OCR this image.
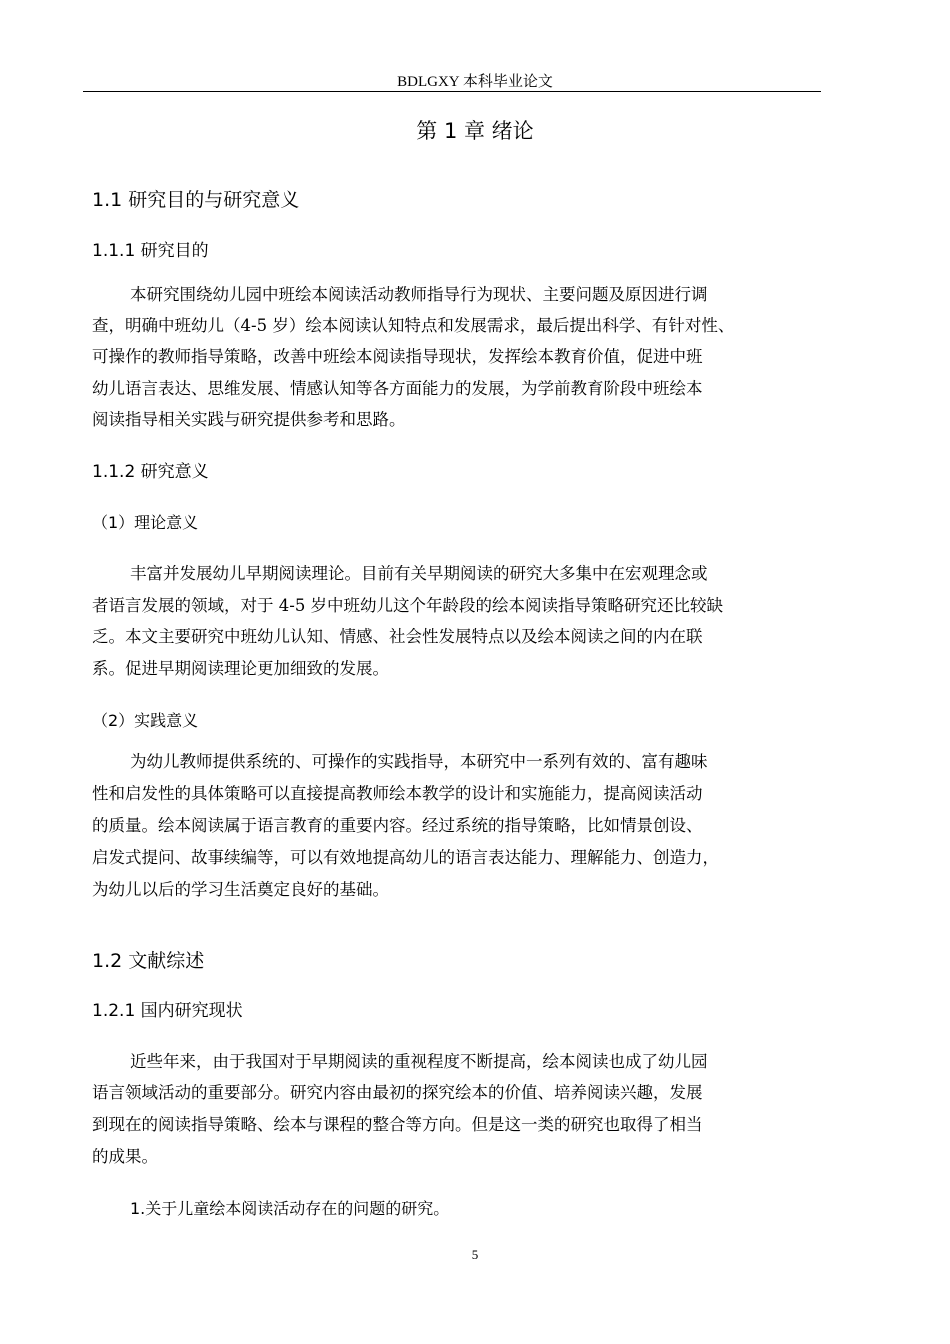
BDLGXY 本科毕业论文
第 1 章 绪论
1.1 研究目的与研究意义
1.1.1 研究目的
本研究围绕幼儿园中班绘本阅读活动教师指导行为现状、主要问题及原因进行调
查，明确中班幼儿（4-5 岁）绘本阅读认知特点和发展需求，最后提出科学、有针对性、
可操作的教师指导策略，改善中班绘本阅读指导现状，发挥绘本教育价值，促进中班
幼儿语言表达、思维发展、情感认知等各方面能力的发展，为学前教育阶段中班绘本
阅读指导相关实践与研究提供参考和思路。
1.1.2 研究意义
（1）理论意义
丰富并发展幼儿早期阅读理论。目前有关早期阅读的研究大多集中在宏观理念或
者语言发展的领域，对于 4-5 岁中班幼儿这个年龄段的绘本阅读指导策略研究还比较缺
乏。本文主要研究中班幼儿认知、情感、社会性发展特点以及绘本阅读之间的内在联
系。促进早期阅读理论更加细致的发展。
（2）实践意义
为幼儿教师提供系统的、可操作的实践指导，本研究中一系列有效的、富有趣味
性和启发性的具体策略可以直接提高教师绘本教学的设计和实施能力，提高阅读活动
的质量。绘本阅读属于语言教育的重要内容。经过系统的指导策略，比如情景创设、
启发式提问、故事续编等，可以有效地提高幼儿的语言表达能力、理解能力、创造力，
为幼儿以后的学习生活奠定良好的基础。
1.2 文献综述
1.2.1 国内研究现状
近些年来，由于我国对于早期阅读的重视程度不断提高，绘本阅读也成了幼儿园
语言领域活动的重要部分。研究内容由最初的探究绘本的价值、培养阅读兴趣，发展
到现在的阅读指导策略、绘本与课程的整合等方向。但是这一类的研究也取得了相当
的成果。
1.关于儿童绘本阅读活动存在的问题的研究。
5
